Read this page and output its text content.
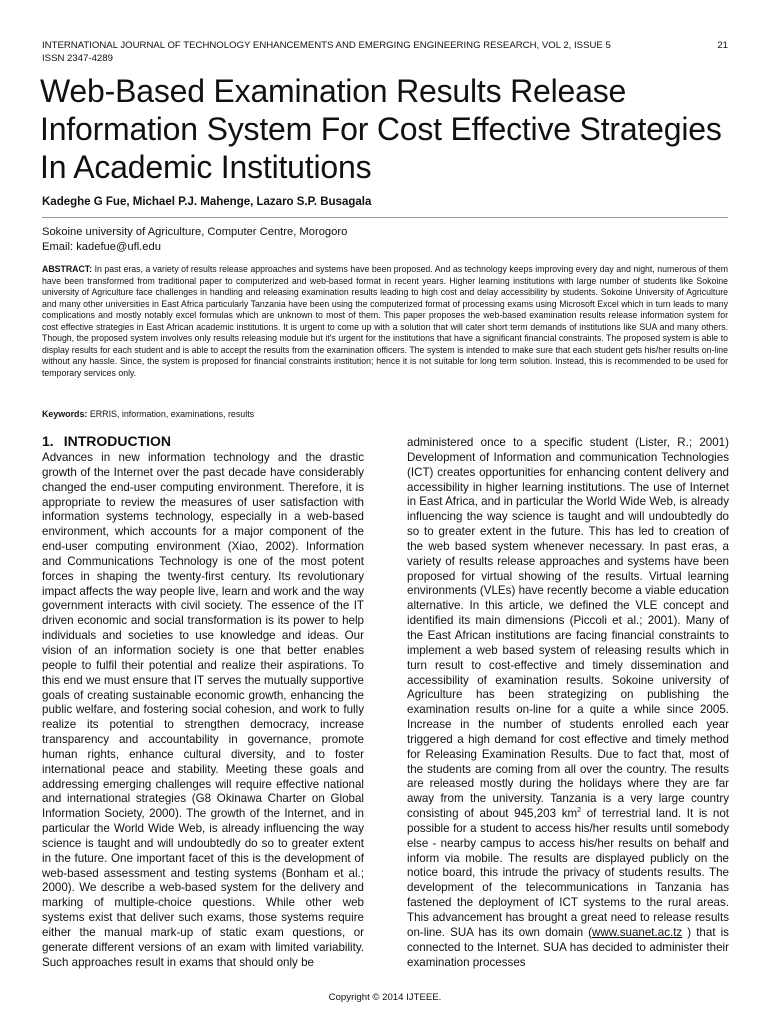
INTERNATIONAL JOURNAL OF TECHNOLOGY ENHANCEMENTS AND EMERGING ENGINEERING RESEARCH, VOL 2, ISSUE 5
ISSN 2347-4289
21
Web-Based Examination Results Release
Information System For Cost Effective Strategies
In Academic Institutions
Kadeghe G Fue, Michael P.J. Mahenge, Lazaro S.P. Busagala
Sokoine university of Agriculture, Computer Centre, Morogoro
Email: kadefue@ufl.edu

ABSTRACT: In past eras, a variety of results release approaches and systems have been proposed. And as technology keeps improving every day and night, numerous of them have been transformed from traditional paper to computerized and web-based format in recent years. Higher learning institutions with large number of students like Sokoine university of Agriculture face challenges in handling and releasing examination results leading to high cost and delay accessibility by students. Sokoine University of Agriculture and many other universities in East Africa particularly Tanzania have been using the computerized format of processing exams using Microsoft Excel which in turn leads to many complications and mostly notably excel formulas which are unknown to most of them. This paper proposes the web-based examination results release information system for cost effective strategies in East African academic institutions. It is urgent to come up with a solution that will cater short term demands of institutions like SUA and many others. Though, the proposed system involves only results releasing module but it's urgent for the institutions that have a significant financial constraints. The proposed system is able to display results for each student and is able to accept the results from the examination officers. The system is intended to make sure that each student gets his/her results on-line without any hassle. Since, the system is proposed for financial constraints institution; hence it is not suitable for long term solution. Instead, this is recommended to be used for temporary services only.

Keywords: ERRIS, information, examinations, results
1. INTRODUCTION

Advances in new information technology and the drastic growth of the Internet over the past decade have considerably changed the end-user computing environment. Therefore, it is appropriate to review the measures of user satisfaction with information systems technology, especially in a web-based environment, which accounts for a major component of the end-user computing environment (Xiao, 2002). Information and Communications Technology is one of the most potent forces in shaping the twenty-first century. Its revolutionary impact affects the way people live, learn and work and the way government interacts with civil society. The essence of the IT driven economic and social transformation is its power to help individuals and societies to use knowledge and ideas. Our vision of an information society is one that better enables people to fulfil their potential and realize their aspirations. To this end we must ensure that IT serves the mutually supportive goals of creating sustainable economic growth, enhancing the public welfare, and fostering social cohesion, and work to fully realize its potential to strengthen democracy, increase transparency and accountability in governance, promote human rights, enhance cultural diversity, and to foster international peace and stability. Meeting these goals and addressing emerging challenges will require effective national and international strategies (G8 Okinawa Charter on Global Information Society, 2000). The growth of the Internet, and in particular the World Wide Web, is already influencing the way science is taught and will undoubtedly do so to greater extent in the future. One important facet of this is the development of web-based assessment and testing systems (Bonham et al.; 2000). We describe a web-based system for the delivery and marking of multiple-choice questions. While other web systems exist that deliver such exams, those systems require either the manual mark-up of static exam questions, or generate different versions of an exam with limited variability. Such approaches result in exams that should only be

administered once to a specific student (Lister, R.; 2001) Development of Information and communication Technologies (ICT) creates opportunities for enhancing content delivery and accessibility in higher learning institutions. The use of Internet in East Africa, and in particular the World Wide Web, is already influencing the way science is taught and will undoubtedly do so to greater extent in the future. This has led to creation of the web based system whenever necessary. In past eras, a variety of results release approaches and systems have been proposed for virtual showing of the results. Virtual learning environments (VLEs) have recently become a viable education alternative. In this article, we defined the VLE concept and identified its main dimensions (Piccoli et al.; 2001). Many of the East African institutions are facing financial constraints to implement a web based system of releasing results which in turn result to cost-effective and timely dissemination and accessibility of examination results. Sokoine university of Agriculture has been strategizing on publishing the examination results on-line for a quite a while since 2005. Increase in the number of students enrolled each year triggered a high demand for cost effective and timely method for Releasing Examination Results. Due to fact that, most of the students are coming from all over the country. The results are released mostly during the holidays where they are far away from the university. Tanzania is a very large country consisting of about 945,203 $km^2$ of terrestrial land. It is not possible for a student to access his/her results until somebody else - nearby campus to access his/her results on behalf and inform via mobile. The results are displayed publicly on the notice board, this intrude the privacy of students results. The development of the telecommunications in Tanzania has fastened the deployment of ICT systems to the rural areas. This advancement has brought a great need to release results on-line. SUA has its own domain (www.suanet.ac.tz ) that is connected to the Internet. SUA has decided to administer their examination processes

Copyright © 2014 IJTEEE.
